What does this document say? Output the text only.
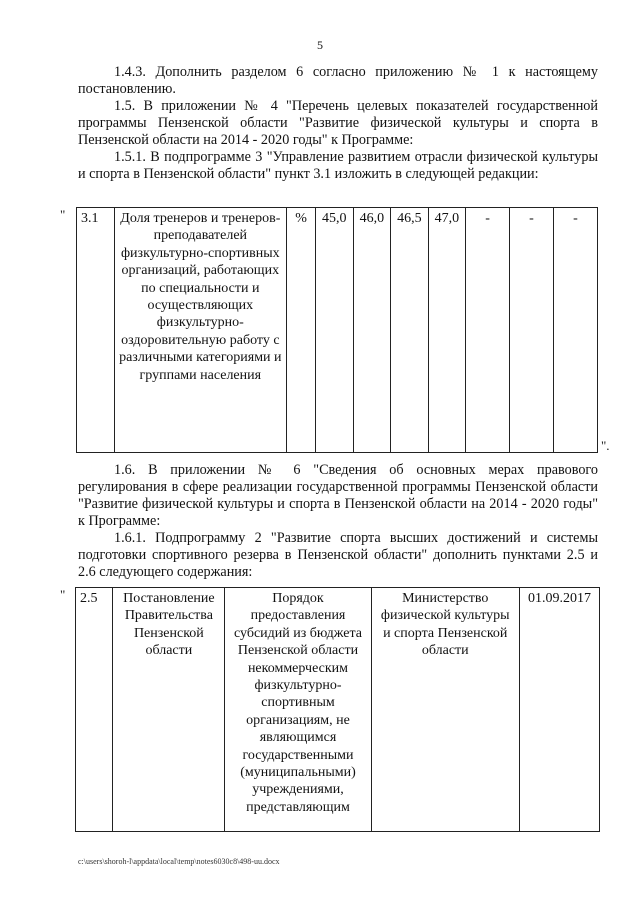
5

1.4.3. Дополнить разделом 6 согласно приложению № 1 к настоящему постановлению.

1.5. В приложении № 4 "Перечень целевых показателей государственной программы Пензенской области "Развитие физической культуры и спорта в Пензенской области на 2014 - 2020 годы" к Программе:

1.5.1. В подпрограмме 3 "Управление развитием отрасли физической культуры и спорта в Пензенской области" пункт 3.1 изложить в следующей редакции:

" 3.1	Доля тренеров и тренеров-преподавателей физкультурно-спортивных организаций, работающих по специальности и осуществляющих физкультурно-оздоровительную работу с различными категориями и группами населения	%	45,0	46,0	46,5	47,0	-	-	-
".

1.6. В приложении № 6 "Сведения об основных мерах правового регулирования в сфере реализации государственной программы Пензенской области "Развитие физической культуры и спорта в Пензенской области на 2014 - 2020 годы" к Программе:

1.6.1. Подпрограмму 2 "Развитие спорта высших достижений и системы подготовки спортивного резерва в Пензенской области" дополнить пунктами 2.5 и 2.6 следующего содержания:

" 2.5	Постановление Правительства Пензенской области	Порядок предоставления субсидий из бюджета Пензенской области некоммерческим физкультурно-спортивным организациям, не являющимся государственными (муниципальными) учреждениями, представляющим	Министерство физической культуры и спорта Пензенской области	01.09.2017
c:\users\shoroh-l\appdata\local\temp\notes6030c8\498-uu.docx
